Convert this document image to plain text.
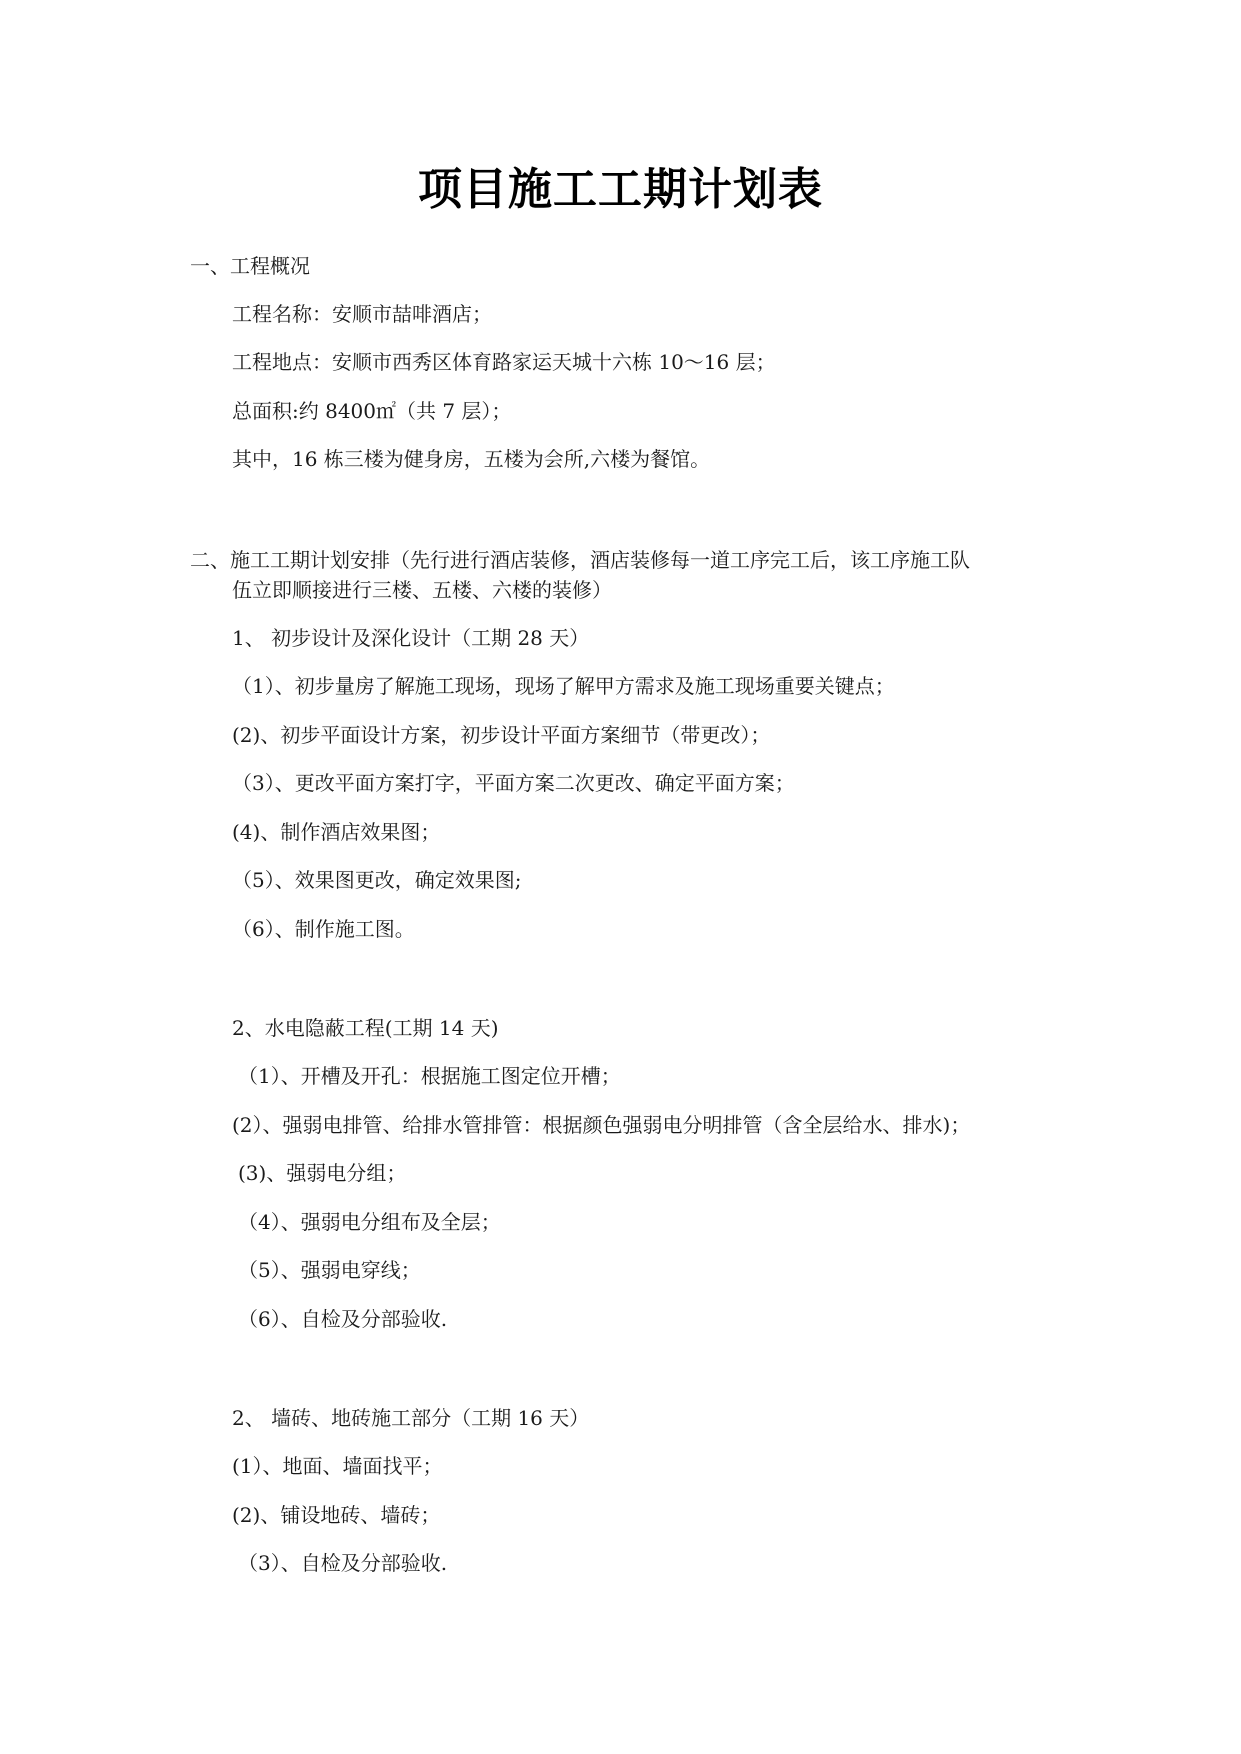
项目施工工期计划表
一、工程概况
工程名称：安顺市喆啡酒店；
工程地点：安顺市西秀区体育路家运天城十六栋 10～16 层；
总面积:约 8400㎡（共 7 层）；
其中，16 栋三楼为健身房，五楼为会所,六楼为餐馆。
二、施工工期计划安排（先行进行酒店装修，酒店装修每一道工序完工后，该工序施工队
伍立即顺接进行三楼、五楼、六楼的装修）
1、 初步设计及深化设计（工期 28 天）
（1）、初步量房了解施工现场，现场了解甲方需求及施工现场重要关键点；
(2)、初步平面设计方案，初步设计平面方案细节（带更改）；
（3）、更改平面方案打字，平面方案二次更改、确定平面方案；
(4)、制作酒店效果图；
（5）、效果图更改，确定效果图;
（6）、制作施工图。
2、水电隐蔽工程(工期 14 天)
（1）、开槽及开孔：根据施工图定位开槽；
(2）、强弱电排管、给排水管排管：根据颜色强弱电分明排管（含全层给水、排水)；
(3)、强弱电分组；
（4）、强弱电分组布及全层；
（5）、强弱电穿线；
（6）、自检及分部验收.
2、 墙砖、地砖施工部分（工期 16 天）
(1）、地面、墙面找平；
(2)、铺设地砖、墙砖；
（3）、自检及分部验收.
